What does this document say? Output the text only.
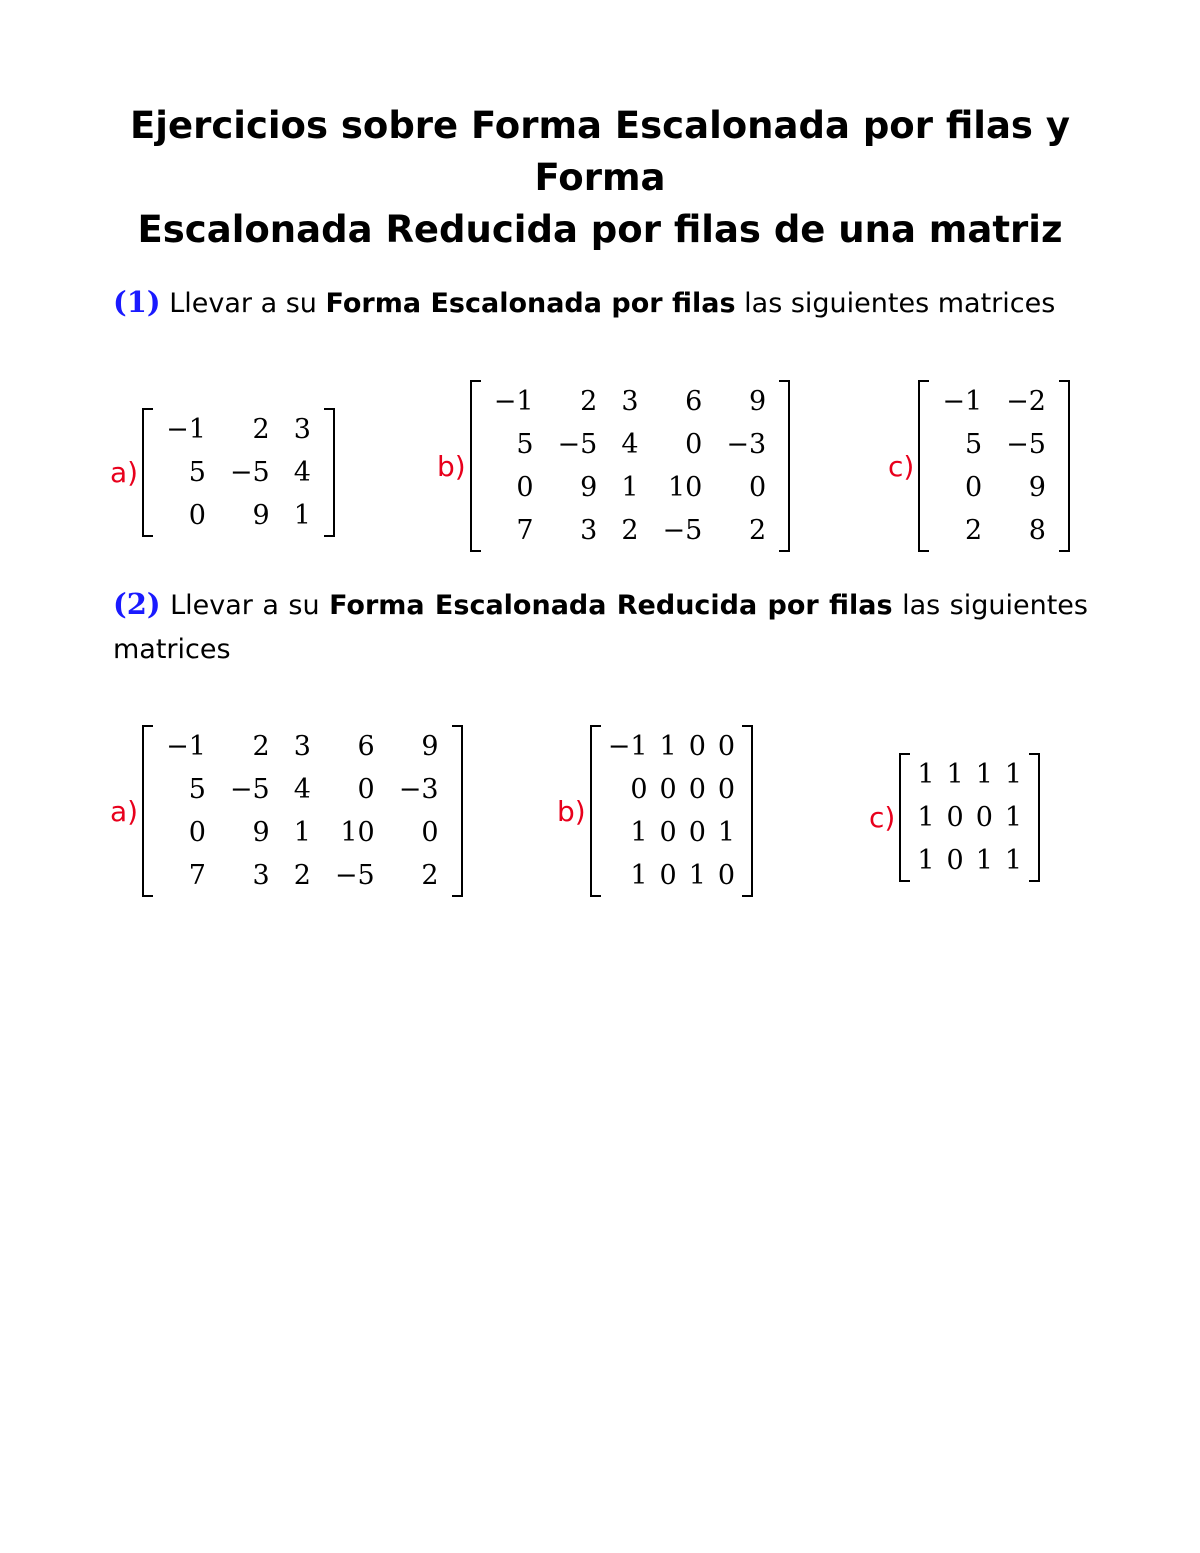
Ejercicios sobre Forma Escalonada por filas y Forma
Escalonada Reducida por filas de una matriz

(1) Llevar a su Forma Escalonada por filas las siguientes matrices

a)
−1	2	3
5	−5	4
0	9	1
b)
−1	2	3	6	9
5	−5	4	0	−3
0	9	1	10	0
7	3	2	−5	2
c)
−1	−2
5	−5
0	9
2	8

(2) Llevar a su Forma Escalonada Reducida por filas las siguientes matrices

a)
−1	2	3	6	9
5	−5	4	0	−3
0	9	1	10	0
7	3	2	−5	2
b)
−1	1	0	0
0	0	0	0
1	0	0	1
1	0	1	0
c)
1	1	1	1
1	0	0	1
1	0	1	1
